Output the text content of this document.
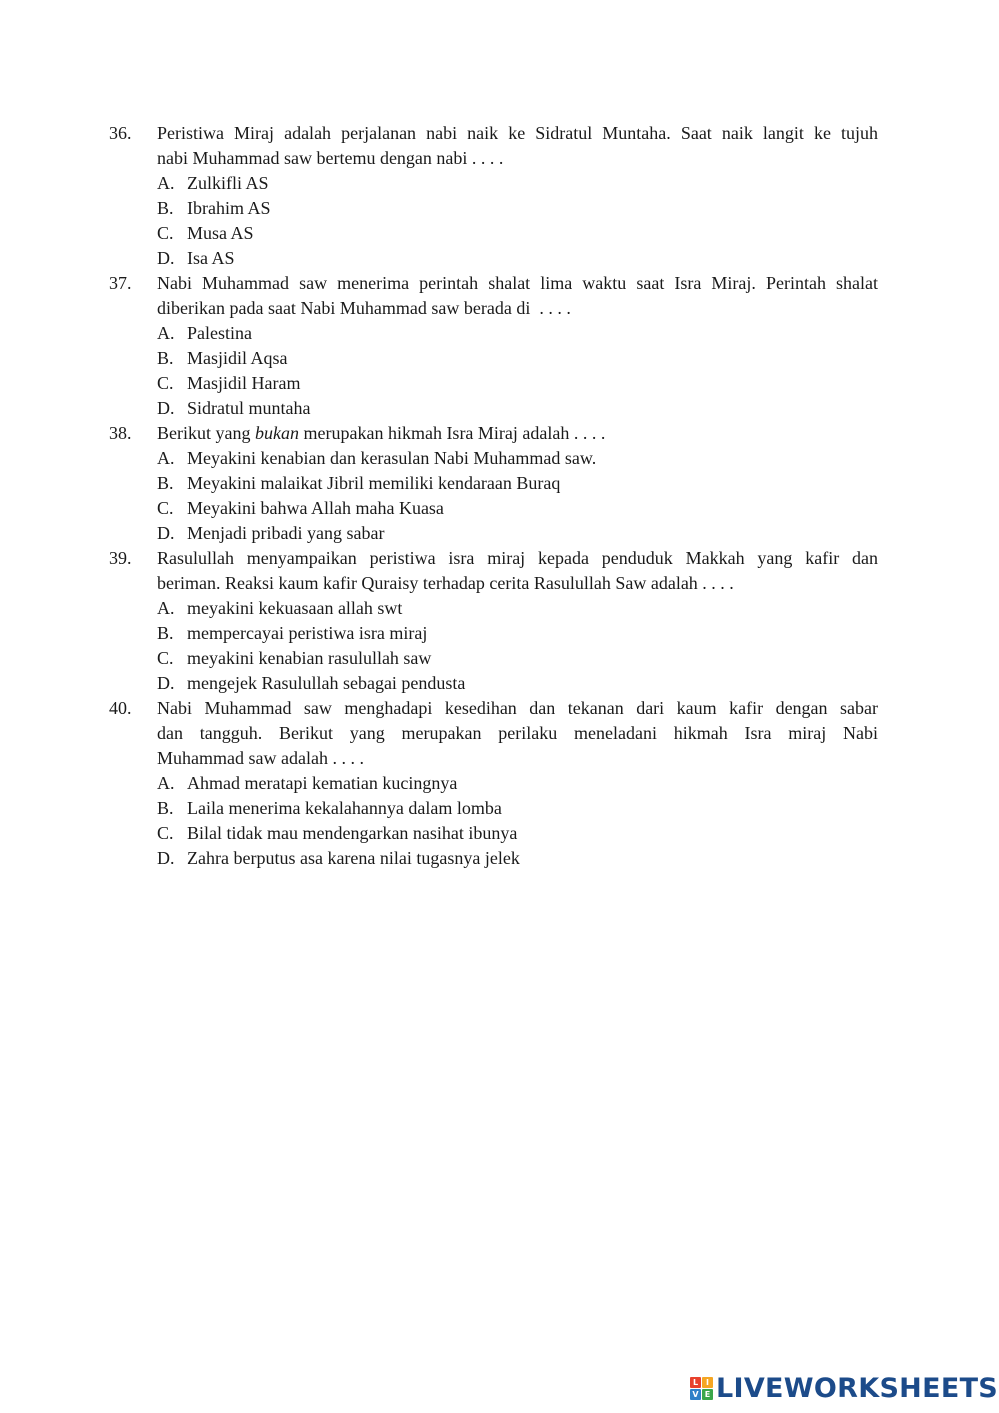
36. Peristiwa Miraj adalah perjalanan nabi naik ke Sidratul Muntaha. Saat naik langit ke tujuh
nabi Muhammad saw bertemu dengan nabi . . . .
A. Zulkifli AS
B. Ibrahim AS
C. Musa AS
D. Isa AS
37. Nabi Muhammad saw menerima perintah shalat lima waktu saat Isra Miraj. Perintah shalat
diberikan pada saat Nabi Muhammad saw berada di  . . . .
A. Palestina
B. Masjidil Aqsa
C. Masjidil Haram
D. Sidratul muntaha
38. Berikut yang bukan merupakan hikmah Isra Miraj adalah . . . .
A. Meyakini kenabian dan kerasulan Nabi Muhammad saw.
B. Meyakini malaikat Jibril memiliki kendaraan Buraq
C. Meyakini bahwa Allah maha Kuasa
D. Menjadi pribadi yang sabar
39. Rasulullah menyampaikan peristiwa isra miraj kepada penduduk Makkah yang kafir dan
beriman. Reaksi kaum kafir Quraisy terhadap cerita Rasulullah Saw adalah . . . .
A. meyakini kekuasaan allah swt
B. mempercayai peristiwa isra miraj
C. meyakini kenabian rasulullah saw
D. mengejek Rasulullah sebagai pendusta
40. Nabi Muhammad saw menghadapi kesedihan dan tekanan dari kaum kafir dengan sabar
dan tangguh. Berikut yang merupakan perilaku meneladani hikmah Isra miraj Nabi
Muhammad saw adalah . . . .
A. Ahmad meratapi kematian kucingnya
B. Laila menerima kekalahannya dalam lomba
C. Bilal tidak mau mendengarkan nasihat ibunya
D. Zahra berputus asa karena nilai tugasnya jelek
L I
V E LIVEWORKSHEETS
